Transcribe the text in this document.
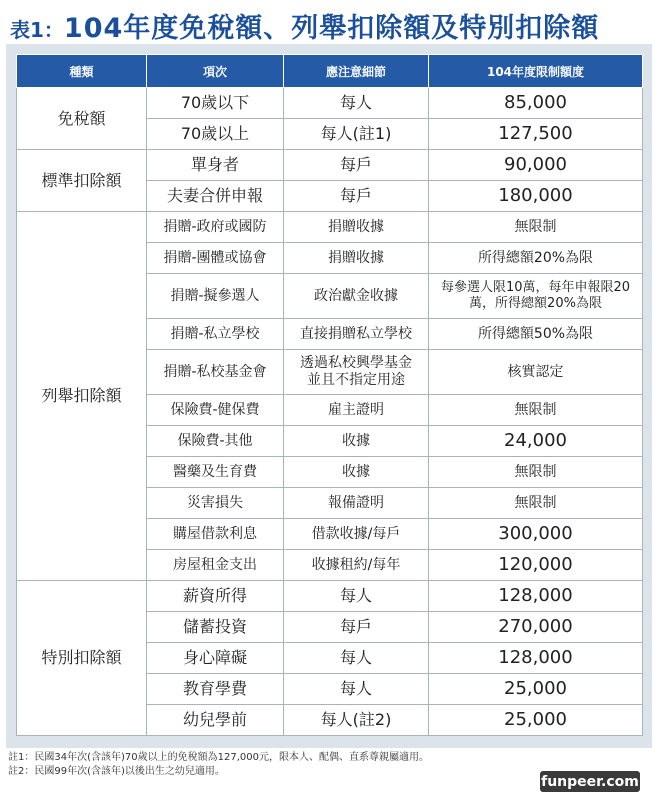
表1： 104年度免稅額、列舉扣除額及特別扣除額
種類	項次	應注意細節	104年度限制額度
免稅額	70歲以下	每人	85,000
	70歲以上	每人(註1)	127,500
標準扣除額	單身者	每戶	90,000
	夫妻合併申報	每戶	180,000
列舉扣除額	捐贈-政府或國防	捐贈收據	無限制
	捐贈-團體或協會	捐贈收據	所得總額20%為限
	捐贈-擬參選人	政治獻金收據	每參選人限10萬，每年申報限20萬，所得總額20%為限
	捐贈-私立學校	直接捐贈私立學校	所得總額50%為限
	捐贈-私校基金會	透過私校興學基金並且不指定用途	核實認定
	保險費-健保費	雇主證明	無限制
	保險費-其他	收據	24,000
	醫藥及生育費	收據	無限制
	災害損失	報備證明	無限制
	購屋借款利息	借款收據/每戶	300,000
	房屋租金支出	收據租約/每年	120,000
特別扣除額	薪資所得	每人	128,000
	儲蓄投資	每戶	270,000
	身心障礙	每人	128,000
	教育學費	每人	25,000
	幼兒學前	每人(註2)	25,000
註1：民國34年次(含該年)70歲以上的免稅額為127,000元，限本人、配偶、直系尊親屬適用。
註2：民國99年次(含該年)以後出生之幼兒適用。
funpeer.com
